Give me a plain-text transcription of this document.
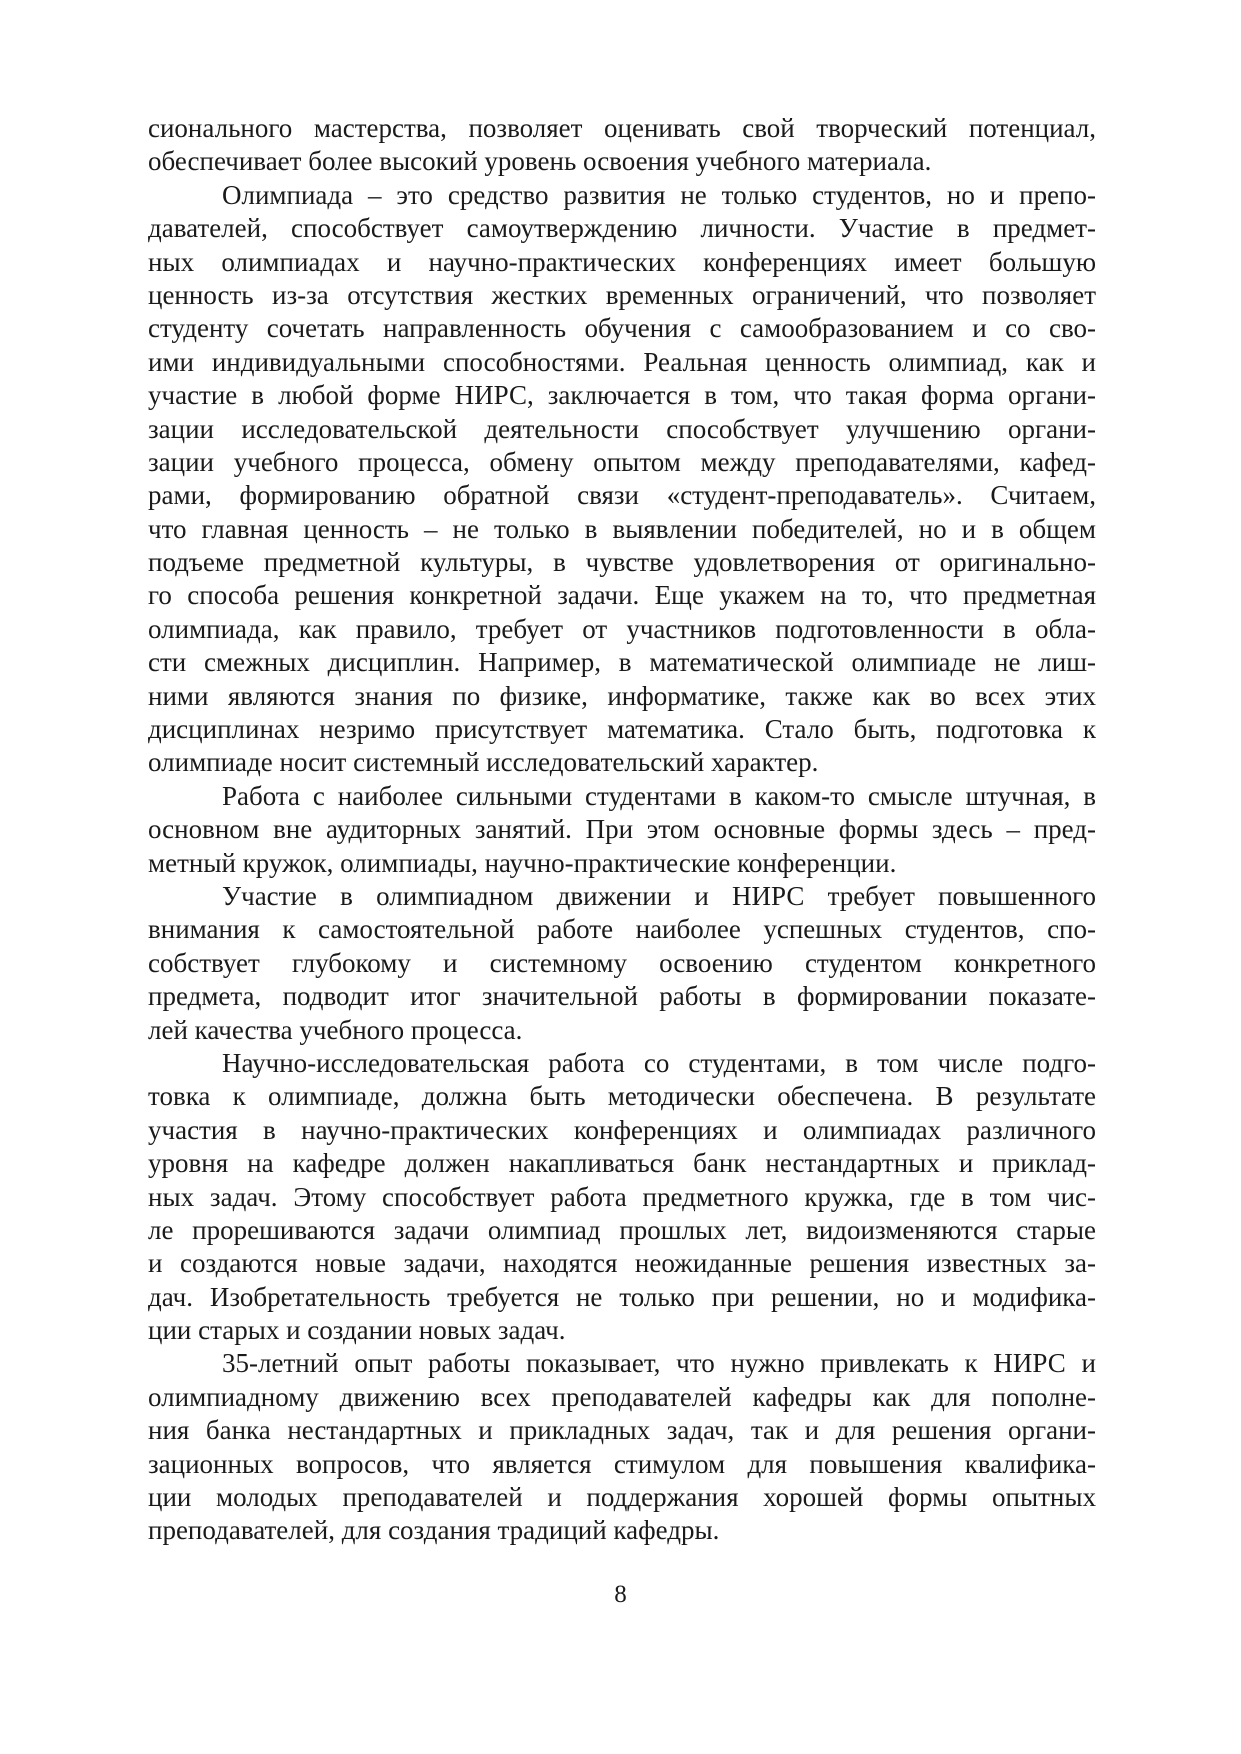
сионального мастерства, позволяет оценивать свой творческий потенциал,
обеспечивает более высокий уровень освоения учебного материала.
Олимпиада – это средство развития не только студентов, но и препо-
давателей, способствует самоутверждению личности. Участие в предмет-
ных олимпиадах и научно-практических конференциях имеет большую
ценность из-за отсутствия жестких временных ограничений, что позволяет
студенту сочетать направленность обучения с самообразованием и со сво-
ими индивидуальными способностями. Реальная ценность олимпиад, как и
участие в любой форме НИРС, заключается в том, что такая форма органи-
зации исследовательской деятельности способствует улучшению органи-
зации учебного процесса, обмену опытом между преподавателями, кафед-
рами, формированию обратной связи «студент-преподаватель». Считаем,
что главная ценность – не только в выявлении победителей, но и в общем
подъеме предметной культуры, в чувстве удовлетворения от оригинально-
го способа решения конкретной задачи. Еще укажем на то, что предметная
олимпиада, как правило, требует от участников подготовленности в обла-
сти смежных дисциплин. Например, в математической олимпиаде не лиш-
ними являются знания по физике, информатике, также как во всех этих
дисциплинах незримо присутствует математика. Стало быть, подготовка к
олимпиаде носит системный исследовательский характер.
Работа с наиболее сильными студентами в каком-то смысле штучная, в
основном вне аудиторных занятий. При этом основные формы здесь – пред-
метный кружок, олимпиады, научно-практические конференции.
Участие в олимпиадном движении и НИРС требует повышенного
внимания к самостоятельной работе наиболее успешных студентов, спо-
собствует глубокому и системному освоению студентом конкретного
предмета, подводит итог значительной работы в формировании показате-
лей качества учебного процесса.
Научно-исследовательская работа со студентами, в том числе подго-
товка к олимпиаде, должна быть методически обеспечена. В результате
участия в научно-практических конференциях и олимпиадах различного
уровня на кафедре должен накапливаться банк нестандартных и приклад-
ных задач. Этому способствует работа предметного кружка, где в том чис-
ле прорешиваются задачи олимпиад прошлых лет, видоизменяются старые
и создаются новые задачи, находятся неожиданные решения известных за-
дач. Изобретательность требуется не только при решении, но и модифика-
ции старых и создании новых задач.
35-летний опыт работы показывает, что нужно привлекать к НИРС и
олимпиадному движению всех преподавателей кафедры как для пополне-
ния банка нестандартных и прикладных задач, так и для решения органи-
зационных вопросов, что является стимулом для повышения квалифика-
ции молодых преподавателей и поддержания хорошей формы опытных
преподавателей, для создания традиций кафедры.
8
